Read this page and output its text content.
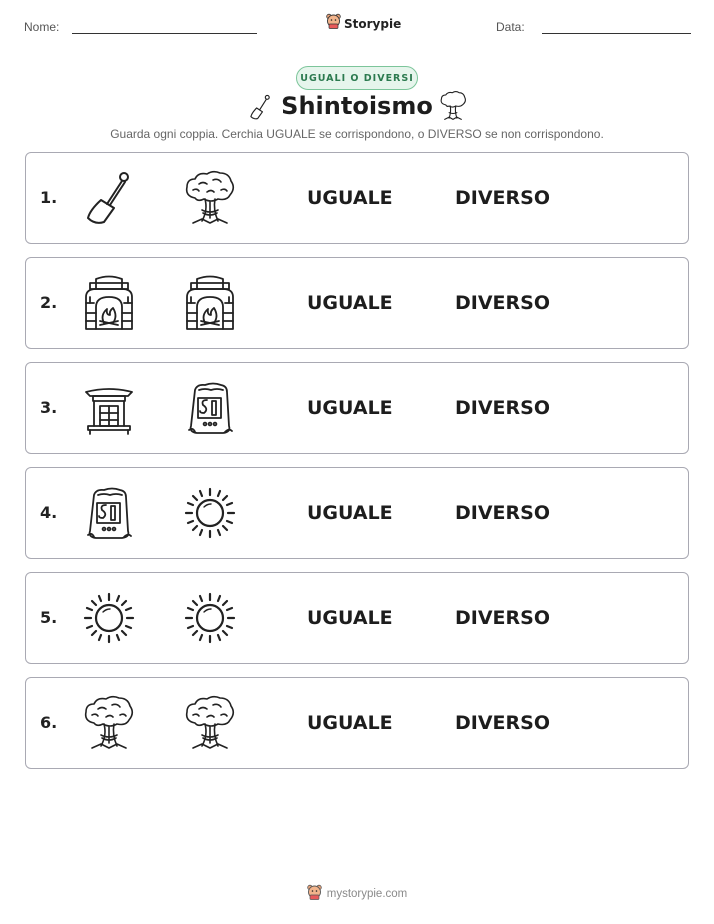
Nome:	Storypie	Data:
UGUALI O DIVERSI
Shintoismo
Guarda ogni coppia. Cerchia UGUALE se corrispondono, o DIVERSO se non corrispondono.
1.	UGUALE	DIVERSO
2.	UGUALE	DIVERSO
3.	UGUALE	DIVERSO
4.	UGUALE	DIVERSO
5.	UGUALE	DIVERSO
6.	UGUALE	DIVERSO
mystorypie.com
